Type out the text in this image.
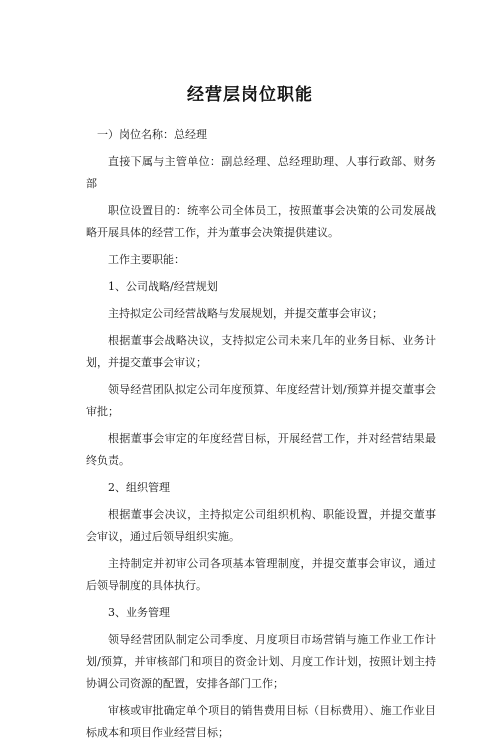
经营层岗位职能

一）岗位名称：总经理

直接下属与主管单位：副总经理、总经理助理、人事行政部、财务部

职位设置目的：统率公司全体员工，按照董事会决策的公司发展战略开展具体的经营工作，并为董事会决策提供建议。

工作主要职能：

1、公司战略/经营规划

主持拟定公司经营战略与发展规划，并提交董事会审议；

根据董事会战略决议，支持拟定公司未来几年的业务目标、业务计划，并提交董事会审议；

领导经营团队拟定公司年度预算、年度经营计划/预算并提交董事会审批；

根据董事会审定的年度经营目标，开展经营工作，并对经营结果最终负责。

2、组织管理

根据董事会决议，主持拟定公司组织机构、职能设置，并提交董事会审议，通过后领导组织实施。

主持制定并初审公司各项基本管理制度，并提交董事会审议，通过后领导制度的具体执行。

3、业务管理

领导经营团队制定公司季度、月度项目市场营销与施工作业工作计划/预算，并审核部门和项目的资金计划、月度工作计划，按照计划主持协调公司资源的配置，安排各部门工作；

审核或审批确定单个项目的销售费用目标（目标费用）、施工作业目标成本和项目作业经营目标；
